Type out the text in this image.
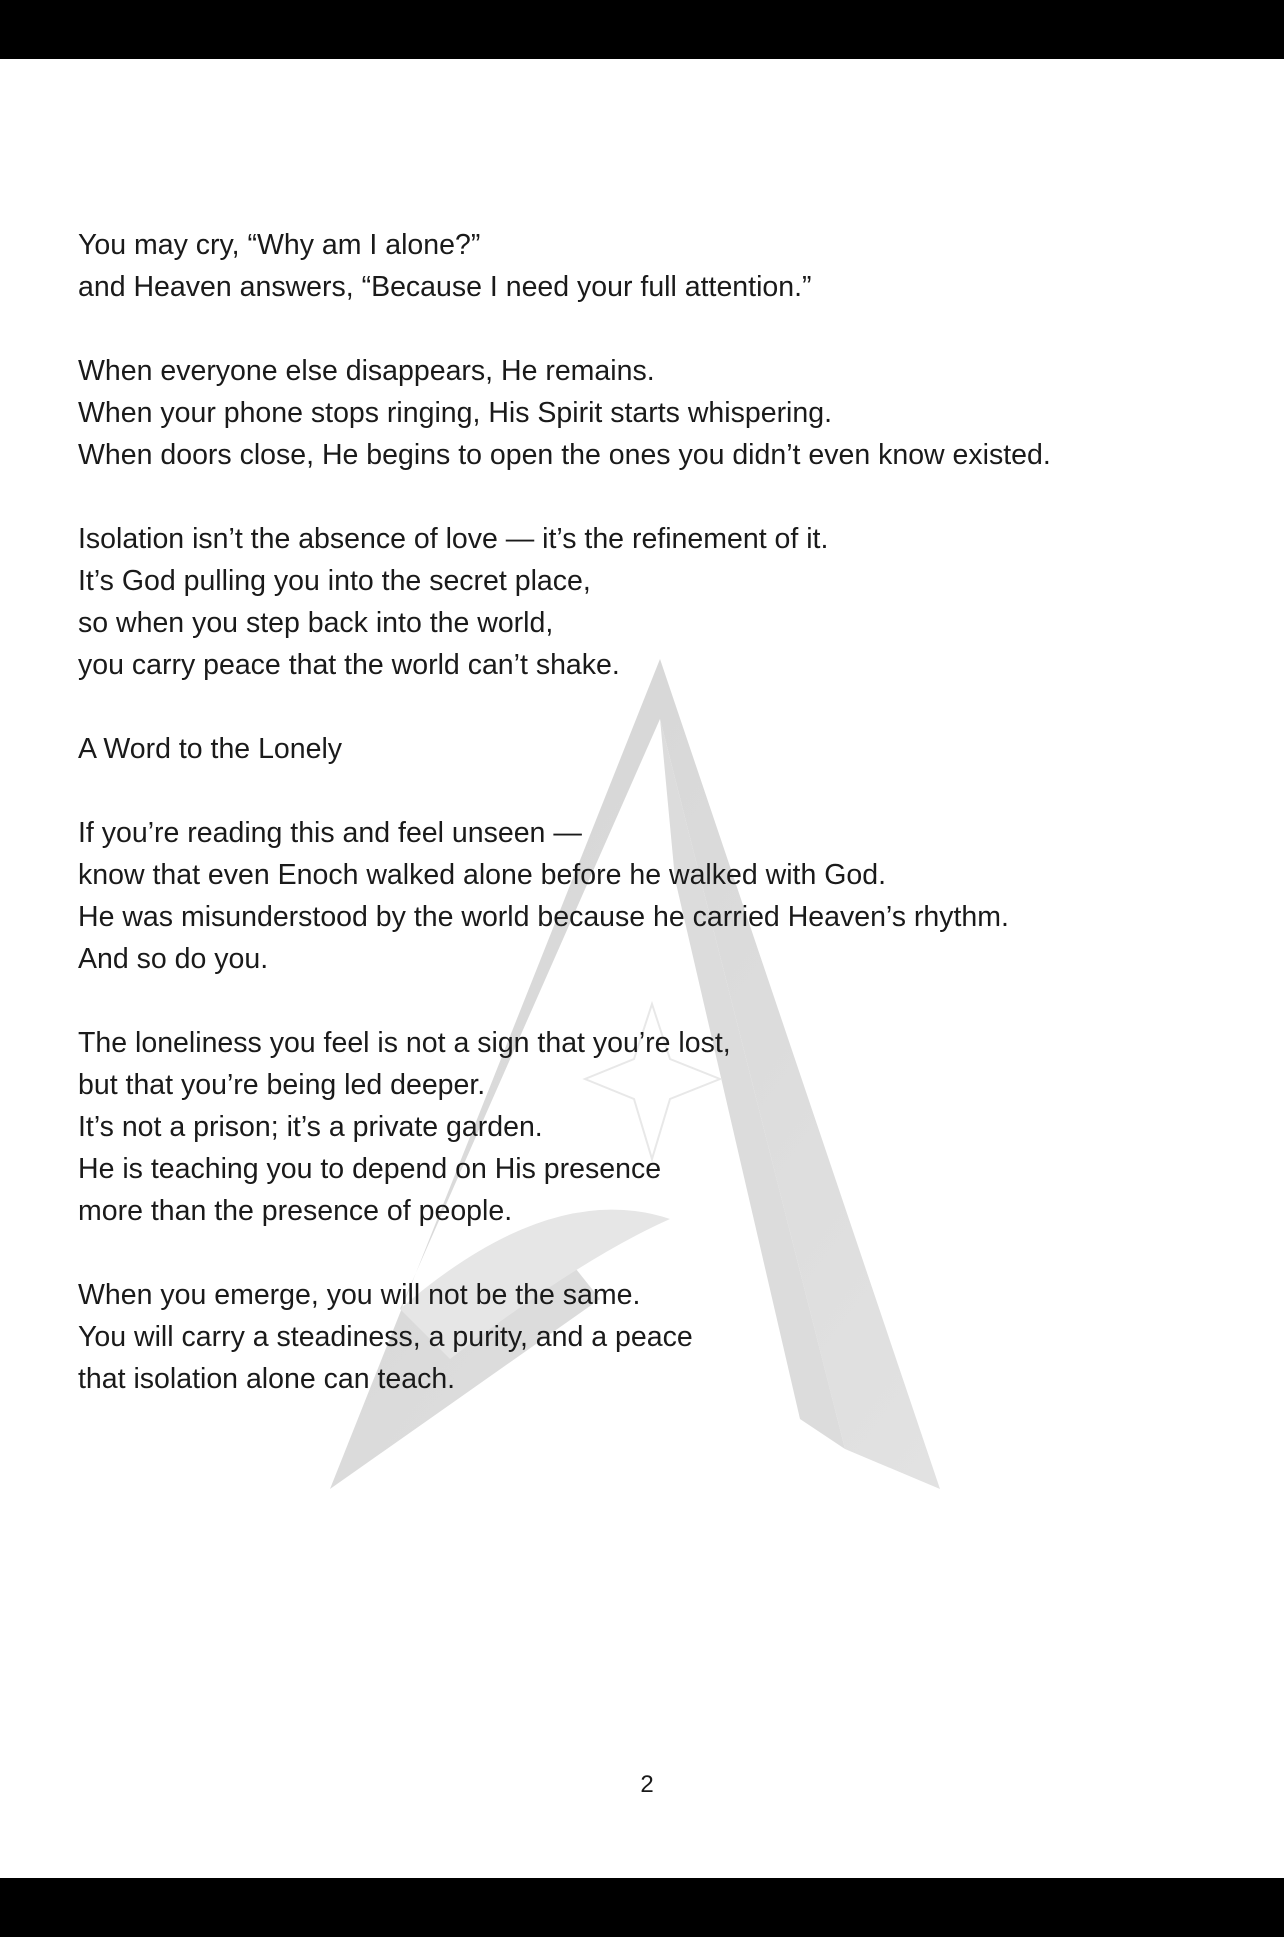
You may cry, “Why am I alone?”
and Heaven answers, “Because I need your full attention.”

When everyone else disappears, He remains.
When your phone stops ringing, His Spirit starts whispering.
When doors close, He begins to open the ones you didn’t even know existed.

Isolation isn’t the absence of love — it’s the refinement of it.
It’s God pulling you into the secret place,
so when you step back into the world,
you carry peace that the world can’t shake.

A Word to the Lonely

If you’re reading this and feel unseen —
know that even Enoch walked alone before he walked with God.
He was misunderstood by the world because he carried Heaven’s rhythm.
And so do you.

The loneliness you feel is not a sign that you’re lost,
but that you’re being led deeper.
It’s not a prison; it’s a private garden.
He is teaching you to depend on His presence
more than the presence of people.

When you emerge, you will not be the same.
You will carry a steadiness, a purity, and a peace
that isolation alone can teach.

2
